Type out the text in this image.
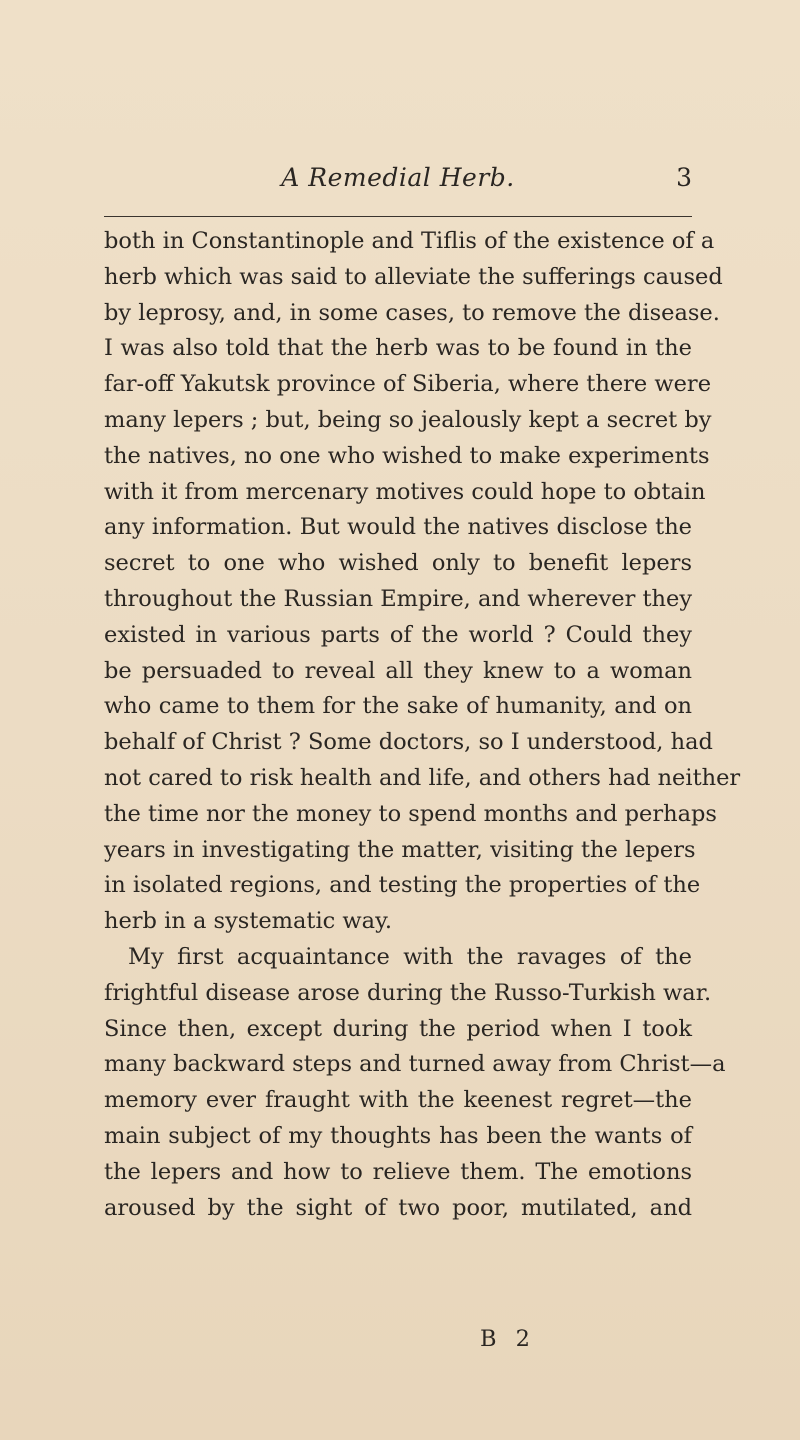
A Remedial Herb.	3
both in Constantinople and Tiflis of the existence of a
herb which was said to alleviate the sufferings caused
by leprosy, and, in some cases, to remove the disease.
I was also told that the herb was to be found in the
far-off Yakutsk province of Siberia, where there were
many lepers ; but, being so jealously kept a secret by
the natives, no one who wished to make experiments
with it from mercenary motives could hope to obtain
any information. But would the natives disclose the
secret to one who wished only to benefit lepers
throughout the Russian Empire, and wherever they
existed in various parts of the world ? Could they
be persuaded to reveal all they knew to a woman
who came to them for the sake of humanity, and on
behalf of Christ ? Some doctors, so I understood, had
not cared to risk health and life, and others had neither
the time nor the money to spend months and perhaps
years in investigating the matter, visiting the lepers
in isolated regions, and testing the properties of the
herb in a systematic way.
My first acquaintance with the ravages of the
frightful disease arose during the Russo-Turkish war.
Since then, except during the period when I took
many backward steps and turned away from Christ—a
memory ever fraught with the keenest regret—the
main subject of my thoughts has been the wants of
the lepers and how to relieve them. The emotions
aroused by the sight of two poor, mutilated, and
B 2
